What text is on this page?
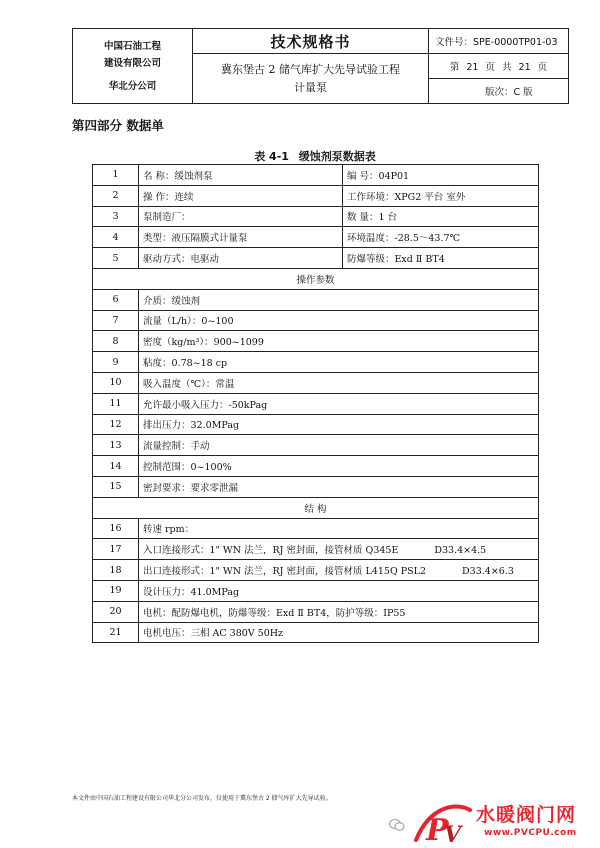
中国石油工程
建设有限公司
华北分公司	技术规格书	文件号：SPE-0000TP01-03

	冀东堡古 2 储气库扩大先导试验工程
计量泵	第 21 页 共 21 页
		版次：C 版
第四部分 数据单
表 4-1 缓蚀剂泵数据表
1	名 称：缓蚀剂泵	编 号：04P01
2	操 作：连续	工作环境：XPG2 平台 室外
3	泵制造厂：	数 量：1 台
4	类型：液压隔膜式计量泵	环境温度：-28.5～43.7℃
5	驱动方式：电驱动	防爆等级：Exd Ⅱ BT4
操作参数		
6	介质：缓蚀剂	
7	流量（L/h）：0~100	
8	密度（kg/m³）：900~1099	
9	粘度：0.78~18 cp	
10	吸入温度（℃）：常温	
11	允许最小吸入压力：-50kPag	
12	排出压力：32.0MPag	
13	流量控制：手动	
14	控制范围：0~100%	
15	密封要求：要求零泄漏	
结 构		
16	转速 rpm：	
17	入口连接形式：1" WN 法兰，RJ 密封面，接管材质 Q345E D33.4×4.5	
18	出口连接形式：1" WN 法兰，RJ 密封面，接管材质 L415Q PSL2 D33.4×6.3	
19	设计压力：41.0MPag	
20	电机：配防爆电机，防爆等级：Exd Ⅱ BT4，防护等级：IP55	
21	电机电压：三相 AC 380V 50Hz	
本文件由中国石油工程建设有限公司华北分公司发布，仅使用于冀东堡古 2 储气库扩大先导试验。
P
V
水暖阀门网
www.PVCPU.com
